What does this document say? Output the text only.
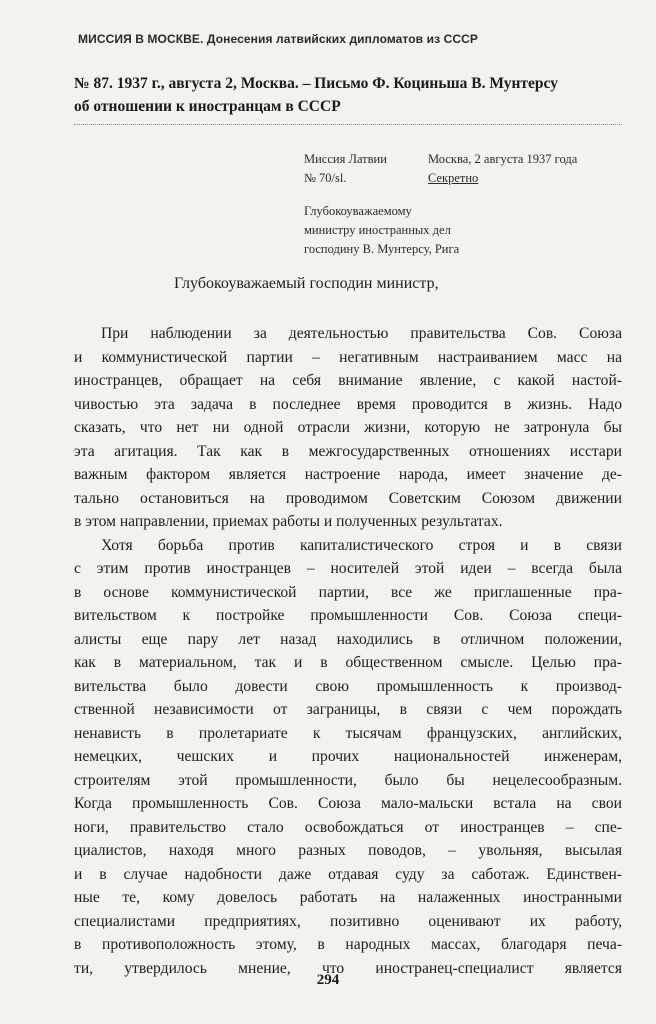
МИССИЯ В МОСКВЕ. Донесения латвийских дипломатов из СССР
№ 87. 1937 г., августа 2, Москва. – Письмо Ф. Коциньша В. Мунтерсу
об отношении к иностранцам в СССР
Миссия Латвии
№ 70/sl.
Москва, 2 августа 1937 года
Секретно
Глубокоуважаемому
министру иностранных дел
господину В. Мунтерсу, Рига
Глубокоуважаемый господин министр,
При наблюдении за деятельностью правительства Сов. Союза
и коммунистической партии – негативным настраиванием масс на
иностранцев, обращает на себя внимание явление, с какой настой-
чивостью эта задача в последнее время проводится в жизнь. Надо
сказать, что нет ни одной отрасли жизни, которую не затронула бы
эта агитация. Так как в межгосударственных отношениях исстари
важным фактором является настроение народа, имеет значение де-
тально остановиться на проводимом Советским Союзом движении
в этом направлении, приемах работы и полученных результатах.
Хотя борьба против капиталистического строя и в связи
с этим против иностранцев – носителей этой идеи – всегда была
в основе коммунистической партии, все же приглашенные пра-
вительством к постройке промышленности Сов. Союза специ-
алисты еще пару лет назад находились в отличном положении,
как в материальном, так и в общественном смысле. Целью пра-
вительства было довести свою промышленность к производ-
ственной независимости от заграницы, в связи с чем порождать
ненависть в пролетариате к тысячам французских, английских,
немецких, чешских и прочих национальностей инженерам,
строителям этой промышленности, было бы нецелесообразным.
Когда промышленность Сов. Союза мало-мальски встала на свои
ноги, правительство стало освобождаться от иностранцев – спе-
циалистов, находя много разных поводов, – увольняя, высылая
и в случае надобности даже отдавая суду за саботаж. Единствен-
ные те, кому довелось работать на налаженных иностранными
специалистами предприятиях, позитивно оценивают их работу,
в противоположность этому, в народных массах, благодаря печа-
ти, утвердилось мнение, что иностранец-специалист является
294
